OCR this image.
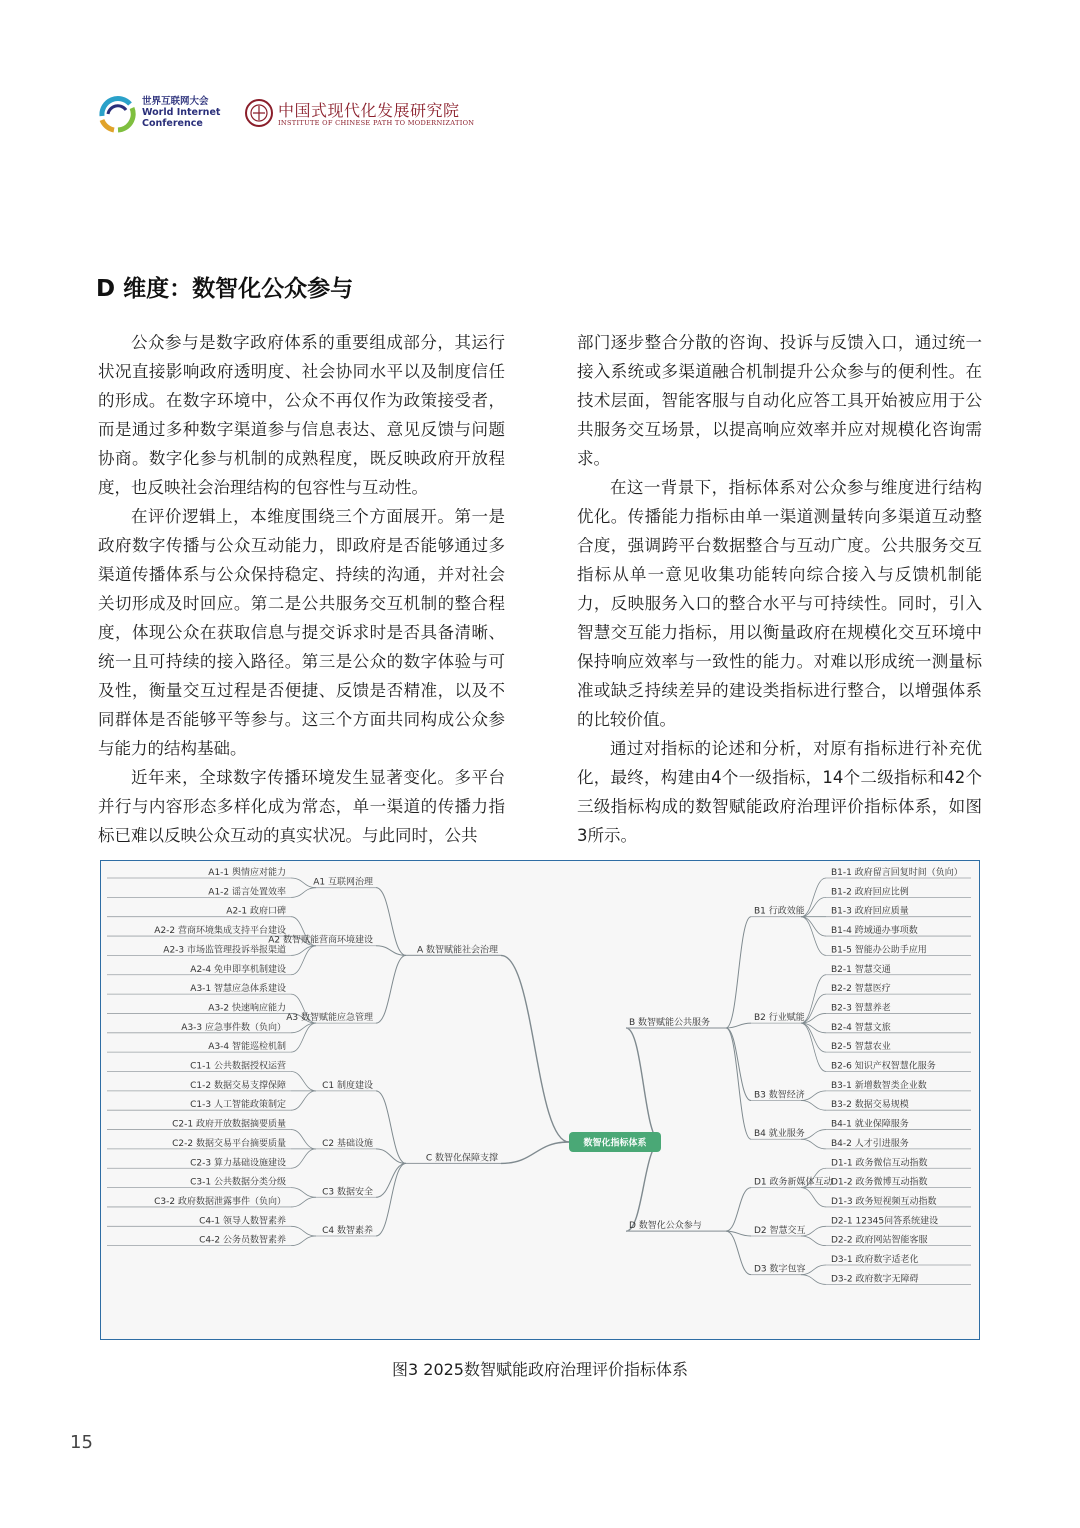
世界互联网大会
World Internet
Conference
中国式现代化发展研究院
INSTITUTE OF CHINESE PATH TO MODERNIZATION
D 维度：数智化公众参与

公众参与是数字政府体系的重要组成部分，其运行状况直接影响政府透明度、社会协同水平以及制度信任的形成。在数字环境中，公众不再仅作为政策接受者，而是通过多种数字渠道参与信息表达、意见反馈与问题协商。数字化参与机制的成熟程度，既反映政府开放程度，也反映社会治理结构的包容性与互动性。

在评价逻辑上，本维度围绕三个方面展开。第一是政府数字传播与公众互动能力，即政府是否能够通过多渠道传播体系与公众保持稳定、持续的沟通，并对社会关切形成及时回应。第二是公共服务交互机制的整合程度，体现公众在获取信息与提交诉求时是否具备清晰、统一且可持续的接入路径。第三是公众的数字体验与可及性，衡量交互过程是否便捷、反馈是否精准，以及不同群体是否能够平等参与。这三个方面共同构成公众参与能力的结构基础。

近年来，全球数字传播环境发生显著变化。多平台并行与内容形态多样化成为常态，单一渠道的传播力指标已难以反映公众互动的真实状况。与此同时，公共

部门逐步整合分散的咨询、投诉与反馈入口，通过统一接入系统或多渠道融合机制提升公众参与的便利性。在技术层面，智能客服与自动化应答工具开始被应用于公共服务交互场景，以提高响应效率并应对规模化咨询需求。

在这一背景下，指标体系对公众参与维度进行结构优化。传播能力指标由单一渠道测量转向多渠道互动整合度，强调跨平台数据整合与互动广度。公共服务交互指标从单一意见收集功能转向综合接入与反馈机制能力，反映服务入口的整合水平与可持续性。同时，引入智慧交互能力指标，用以衡量政府在规模化交互环境中保持响应效率与一致性的能力。对难以形成统一测量标准或缺乏持续差异的建设类指标进行整合，以增强体系的比较价值。

通过对指标的论述和分析，对原有指标进行补充优化，最终，构建由4个一级指标，14个二级指标和42个三级指标构成的数智赋能政府治理评价指标体系，如图3所示。

A1-1 舆情应对能力
A1-2 谣言处置效率
A1 互联网治理
A2-1 政府口碑
A2-2 营商环境集成支持平台建设
A2-3 市场监管理投诉举报渠道
A2-4 免申即享机制建设
A2 数智赋能营商环境建设
A3-1 智慧应急体系建设
A3-2 快速响应能力
A3-3 应急事件数（负向）
A3-4 智能巡检机制
A3 数智赋能应急管理
A 数智赋能社会治理
C1-1 公共数据授权运营
C1-2 数据交易支撑保障
C1-3 人工智能政策制定
C1 制度建设
C2-1 政府开放数据摘要质量
C2-2 数据交易平台摘要质量
C2-3 算力基础设施建设
C2 基础设施
C3-1 公共数据分类分级
C3-2 政府数据泄露事件（负向）
C3 数据安全
C4-1 领导人数智素养
C4-2 公务员数智素养
C4 数智素养
C 数智化保障支撑
B1-1 政府留言回复时间（负向）
B1-2 政府回应比例
B1-3 政府回应质量
B1-4 跨域通办事项数
B1-5 智能办公助手应用
B1 行政效能
B2-1 智慧交通
B2-2 智慧医疗
B2-3 智慧养老
B2-4 智慧文旅
B2-5 智慧农业
B2-6 知识产权智慧化服务
B2 行业赋能
B3-1 新增数智类企业数
B3-2 数据交易规模
B3 数智经济
B4-1 就业保障服务
B4-2 人才引进服务
B4 就业服务
B 数智赋能公共服务
D1-1 政务微信互动指数
D1-2 政务微博互动指数
D1-3 政务短视频互动指数
D1 政务新媒体互动
D2-1 12345问答系统建设
D2-2 政府网站智能客服
D2 智慧交互
D3-1 政府数字适老化
D3-2 政府数字无障碍
D3 数字包容
D 数智化公众参与
数智化指标体系
图3 2025数智赋能政府治理评价指标体系
15
